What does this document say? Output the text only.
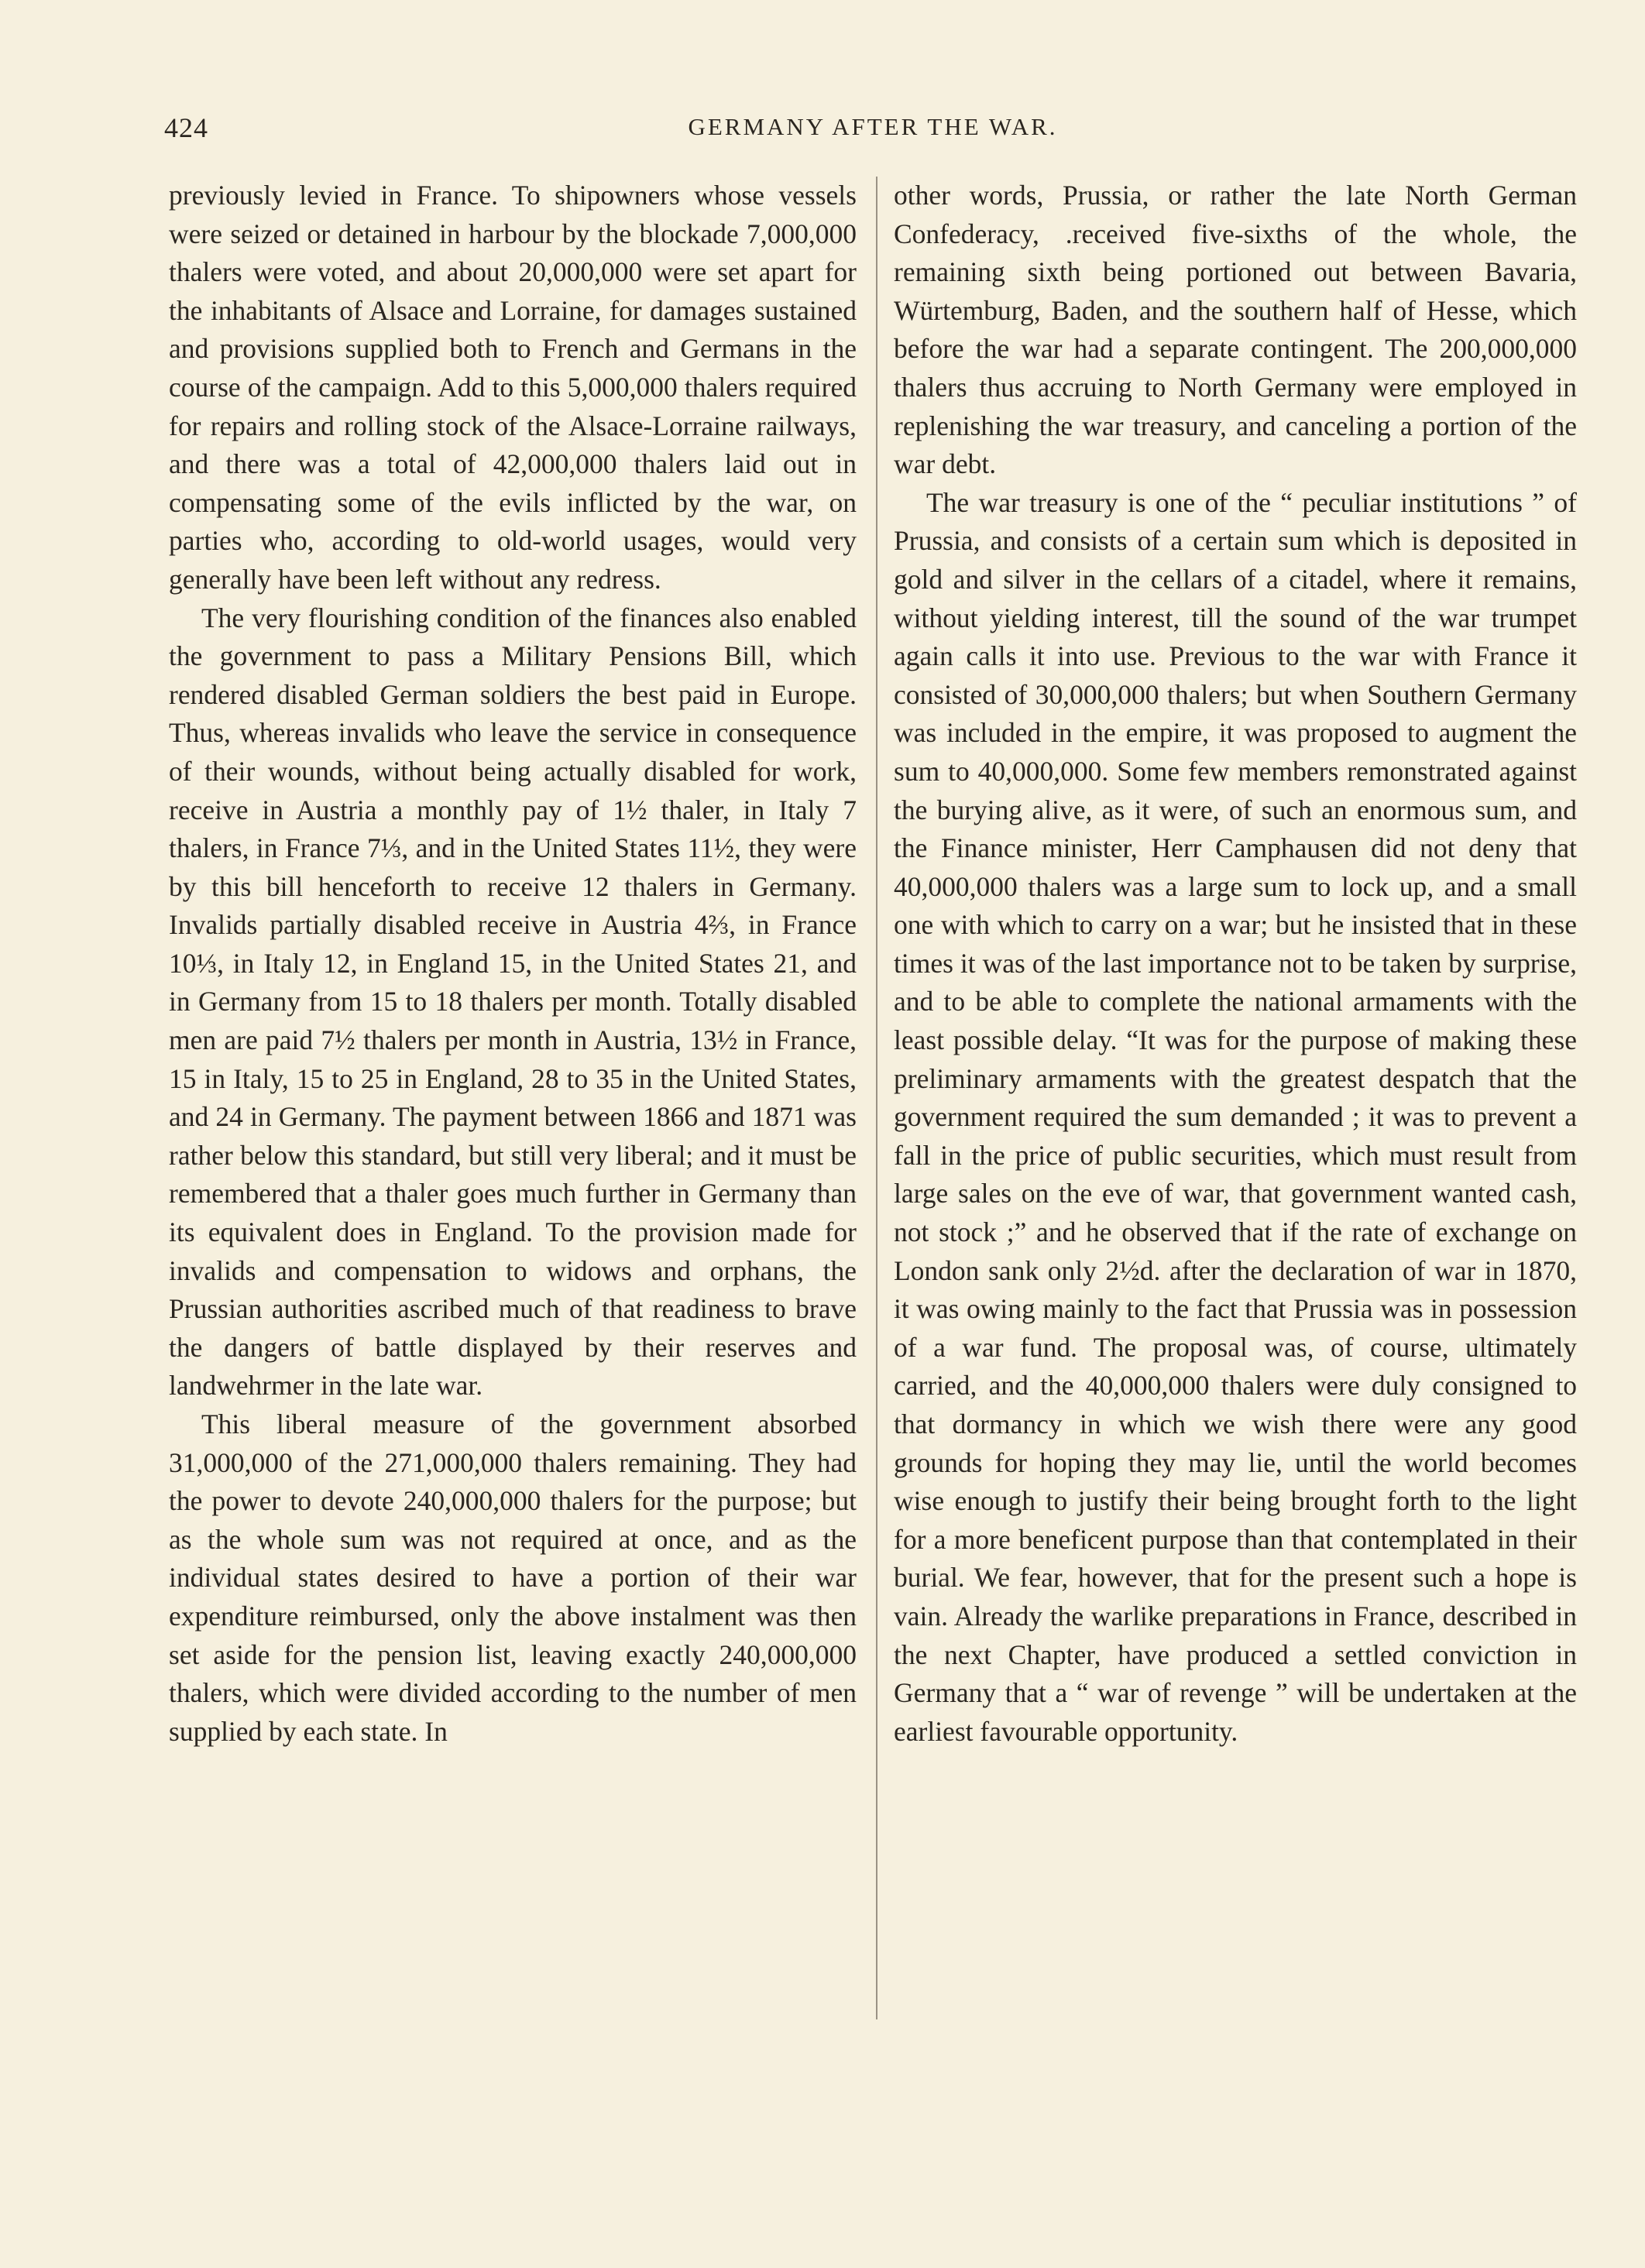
424	GERMANY AFTER THE WAR.

previously levied in France. To shipowners whose vessels were seized or detained in harbour by the blockade 7,000,000 thalers were voted, and about 20,000,000 were set apart for the inhabitants of Alsace and Lorraine, for damages sustained and provisions supplied both to French and Germans in the course of the campaign. Add to this 5,000,000 thalers required for repairs and rolling stock of the Alsace-Lorraine railways, and there was a total of 42,000,000 thalers laid out in compensating some of the evils inflicted by the war, on parties who, according to old-world usages, would very generally have been left without any redress.

The very flourishing condition of the finances also enabled the government to pass a Military Pensions Bill, which rendered disabled German soldiers the best paid in Europe. Thus, whereas invalids who leave the service in consequence of their wounds, without being actually disabled for work, receive in Austria a monthly pay of 1½ thaler, in Italy 7 thalers, in France 7⅓, and in the United States 11½, they were by this bill henceforth to receive 12 thalers in Germany. Invalids partially disabled receive in Austria 4⅔, in France 10⅓, in Italy 12, in England 15, in the United States 21, and in Germany from 15 to 18 thalers per month. Totally disabled men are paid 7½ thalers per month in Austria, 13½ in France, 15 in Italy, 15 to 25 in England, 28 to 35 in the United States, and 24 in Germany. The payment between 1866 and 1871 was rather below this standard, but still very liberal; and it must be remembered that a thaler goes much further in Germany than its equivalent does in England. To the provision made for invalids and compensation to widows and orphans, the Prussian authorities ascribed much of that readiness to brave the dangers of battle displayed by their reserves and landwehrmer in the late war.

This liberal measure of the government absorbed 31,000,000 of the 271,000,000 thalers remaining. They had the power to devote 240,000,000 thalers for the purpose; but as the whole sum was not required at once, and as the individual states desired to have a portion of their war expenditure reimbursed, only the above instalment was then set aside for the pension list, leaving exactly 240,000,000 thalers, which were divided according to the number of men supplied by each state. In

other words, Prussia, or rather the late North German Confederacy, .received five-sixths of the whole, the remaining sixth being portioned out between Bavaria, Würtemburg, Baden, and the southern half of Hesse, which before the war had a separate contingent. The 200,000,000 thalers thus accruing to North Germany were employed in replenishing the war treasury, and canceling a portion of the war debt.

The war treasury is one of the “ peculiar institutions ” of Prussia, and consists of a certain sum which is deposited in gold and silver in the cellars of a citadel, where it remains, without yielding interest, till the sound of the war trumpet again calls it into use. Previous to the war with France it consisted of 30,000,000 thalers; but when Southern Germany was included in the empire, it was proposed to augment the sum to 40,000,000. Some few members remonstrated against the burying alive, as it were, of such an enormous sum, and the Finance minister, Herr Camphausen did not deny that 40,000,000 thalers was a large sum to lock up, and a small one with which to carry on a war; but he insisted that in these times it was of the last importance not to be taken by surprise, and to be able to complete the national armaments with the least possible delay. “It was for the purpose of making these preliminary armaments with the greatest despatch that the government required the sum demanded ; it was to prevent a fall in the price of public securities, which must result from large sales on the eve of war, that government wanted cash, not stock ;” and he observed that if the rate of exchange on London sank only 2½d. after the declaration of war in 1870, it was owing mainly to the fact that Prussia was in possession of a war fund. The proposal was, of course, ultimately carried, and the 40,000,000 thalers were duly consigned to that dormancy in which we wish there were any good grounds for hoping they may lie, until the world becomes wise enough to justify their being brought forth to the light for a more beneficent purpose than that contemplated in their burial. We fear, however, that for the present such a hope is vain. Already the warlike preparations in France, described in the next Chapter, have produced a settled conviction in Germany that a “ war of revenge ” will be undertaken at the earliest favourable opportunity.
